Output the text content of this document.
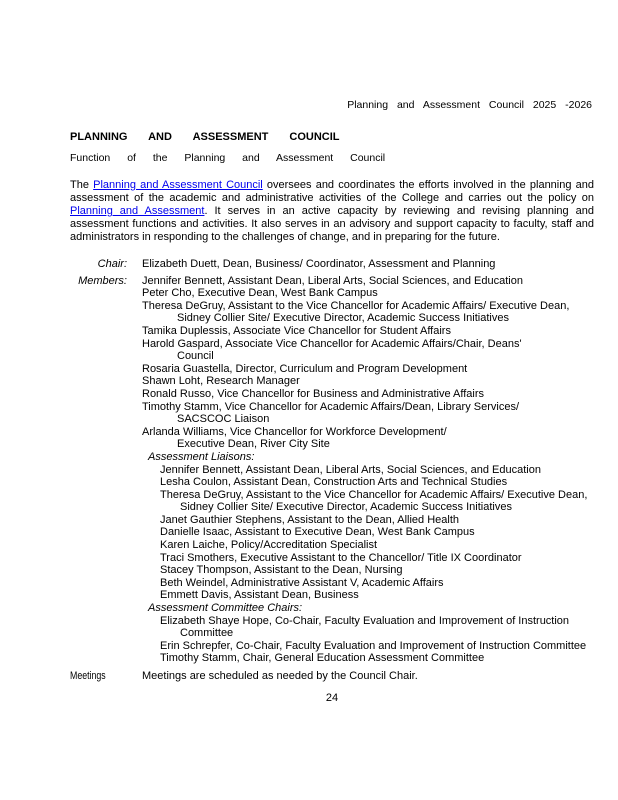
Planning and Assessment Council 2025 -2026
PLANNING AND ASSESSMENT COUNCIL
Function of the Planning and Assessment Council

The Planning and Assessment Council oversees and coordinates the efforts involved in the planning and assessment of the academic and administrative activities of the College and carries out the policy on Planning and Assessment. It serves in an active capacity by reviewing and revising planning and assessment functions and activities. It also serves in an advisory and support capacity to faculty, staff and administrators in responding to the challenges of change, and in preparing for the future.

Chair: Elizabeth Duett, Dean, Business/ Coordinator, Assessment and Planning
Members: Jennifer Bennett, Assistant Dean, Liberal Arts, Social Sciences, and Education
Peter Cho, Executive Dean, West Bank Campus
Theresa DeGruy, Assistant to the Vice Chancellor for Academic Affairs/ Executive Dean,
Sidney Collier Site/ Executive Director, Academic Success Initiatives
Tamika Duplessis, Associate Vice Chancellor for Student Affairs
Harold Gaspard, Associate Vice Chancellor for Academic Affairs/Chair, Deans'
Council
Rosaria Guastella, Director, Curriculum and Program Development
Shawn Loht, Research Manager
Ronald Russo, Vice Chancellor for Business and Administrative Affairs
Timothy Stamm, Vice Chancellor for Academic Affairs/Dean, Library Services/
SACSCOC Liaison
Arlanda Williams, Vice Chancellor for Workforce Development/
Executive Dean, River City Site
Assessment Liaisons:
Jennifer Bennett, Assistant Dean, Liberal Arts, Social Sciences, and Education
Lesha Coulon, Assistant Dean, Construction Arts and Technical Studies
Theresa DeGruy, Assistant to the Vice Chancellor for Academic Affairs/ Executive Dean,
Sidney Collier Site/ Executive Director, Academic Success Initiatives
Janet Gauthier Stephens, Assistant to the Dean, Allied Health
Danielle Isaac, Assistant to Executive Dean, West Bank Campus
Karen Laiche, Policy/Accreditation Specialist
Traci Smothers, Executive Assistant to the Chancellor/ Title IX Coordinator
Stacey Thompson, Assistant to the Dean, Nursing
Beth Weindel, Administrative Assistant V, Academic Affairs
Emmett Davis, Assistant Dean, Business
Assessment Committee Chairs:
Elizabeth Shaye Hope, Co-Chair, Faculty Evaluation and Improvement of Instruction
Committee
Erin Schrepfer, Co-Chair, Faculty Evaluation and Improvement of Instruction Committee
Timothy Stamm, Chair, General Education Assessment Committee
Meetings	Meetings are scheduled as needed by the Council Chair.
24
